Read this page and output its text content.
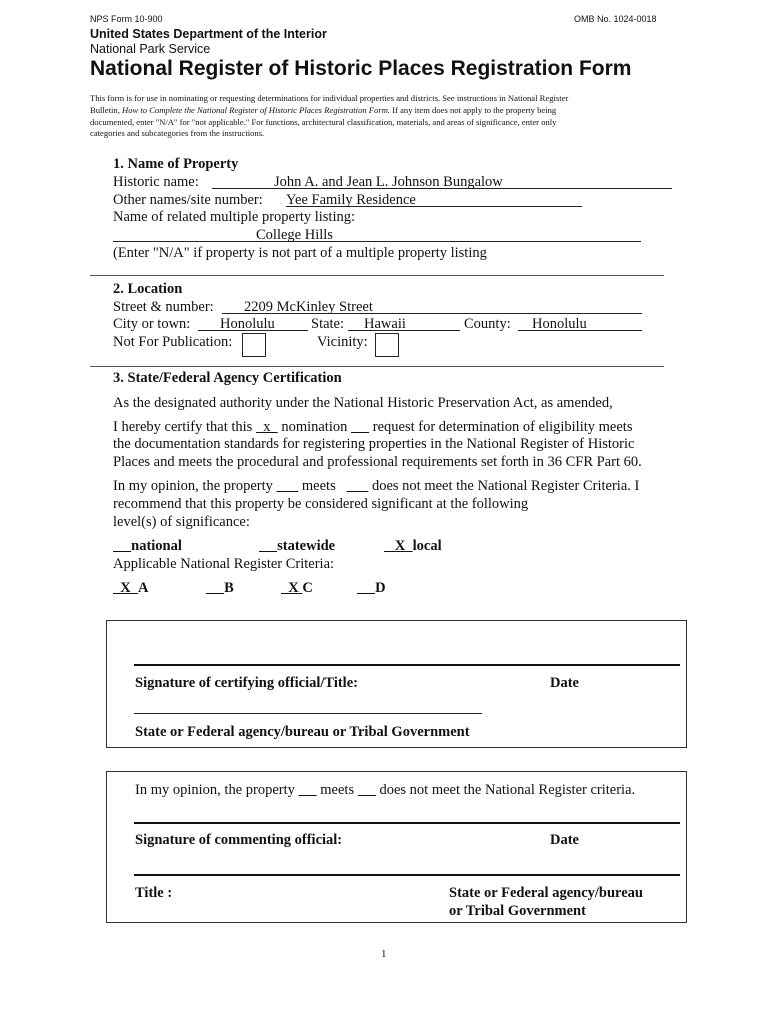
NPS Form 10-900	OMB No. 1024-0018
United States Department of the Interior
National Park Service
National Register of Historic Places Registration Form
This form is for use in nominating or requesting determinations for individual properties and districts. See instructions in National Register
Bulletin, How to Complete the National Register of Historic Places Registration Form. If any item does not apply to the property being
documented, enter "N/A" for "not applicable." For functions, architectural classification, materials, and areas of significance, enter only
categories and subcategories from the instructions.
1. Name of Property
Historic name:	John A. and Jean L. Johnson Bungalow
Other names/site number: Yee Family Residence
Name of related multiple property listing:
College Hills
(Enter "N/A" if property is not part of a multiple property listing
2. Location
Street & number: 2209 McKinley Street
City or town: Honolulu State: Hawaii	County: Honolulu
Not For Publication:	Vicinity:
3. State/Federal Agency Certification
As the designated authority under the National Historic Preservation Act, as amended,
I hereby certify that this x nomination request for determination of eligibility meets
the documentation standards for registering properties in the National Register of Historic
Places and meets the procedural and professional requirements set forth in 36 CFR Part 60.
In my opinion, the property meets	does not meet the National Register Criteria. I
recommend that this property be considered significant at the following
level(s) of significance:
national	statewide	X local
Applicable National Register Criteria:
X A	B	X C	D
Signature of certifying official/Title:	Date
State or Federal agency/bureau or Tribal Government
In my opinion, the property meets does not meet the National Register criteria.
Signature of commenting official:	Date
Title :	State or Federal agency/bureau
or Tribal Government
1
